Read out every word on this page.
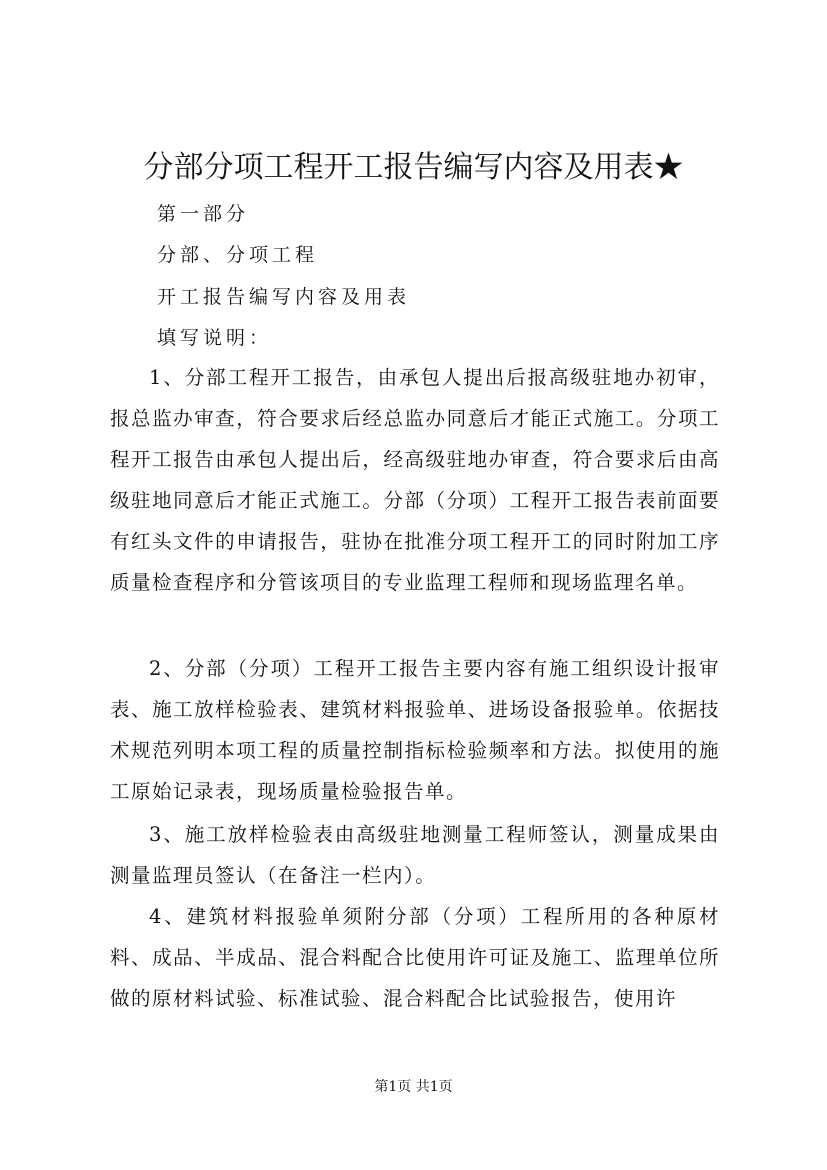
分部分项工程开工报告编写内容及用表★
第一部分
分部、分项工程
开工报告编写内容及用表
填写说明：
1、分部工程开工报告，由承包人提出后报高级驻地办初审，报总监办审查，符合要求后经总监办同意后才能正式施工。分项工程开工报告由承包人提出后，经高级驻地办审查，符合要求后由高级驻地同意后才能正式施工。分部（分项）工程开工报告表前面要有红头文件的申请报告，驻协在批准分项工程开工的同时附加工序质量检查程序和分管该项目的专业监理工程师和现场监理名单。
2、分部（分项）工程开工报告主要内容有施工组织设计报审表、施工放样检验表、建筑材料报验单、进场设备报验单。依据技术规范列明本项工程的质量控制指标检验频率和方法。拟使用的施工原始记录表，现场质量检验报告单。
3、施工放样检验表由高级驻地测量工程师签认，测量成果由测量监理员签认（在备注一栏内）。
4、建筑材料报验单须附分部（分项）工程所用的各种原材料、成品、半成品、混合料配合比使用许可证及施工、监理单位所做的原材料试验、标准试验、混合料配合比试验报告，使用许
第1页 共1页
